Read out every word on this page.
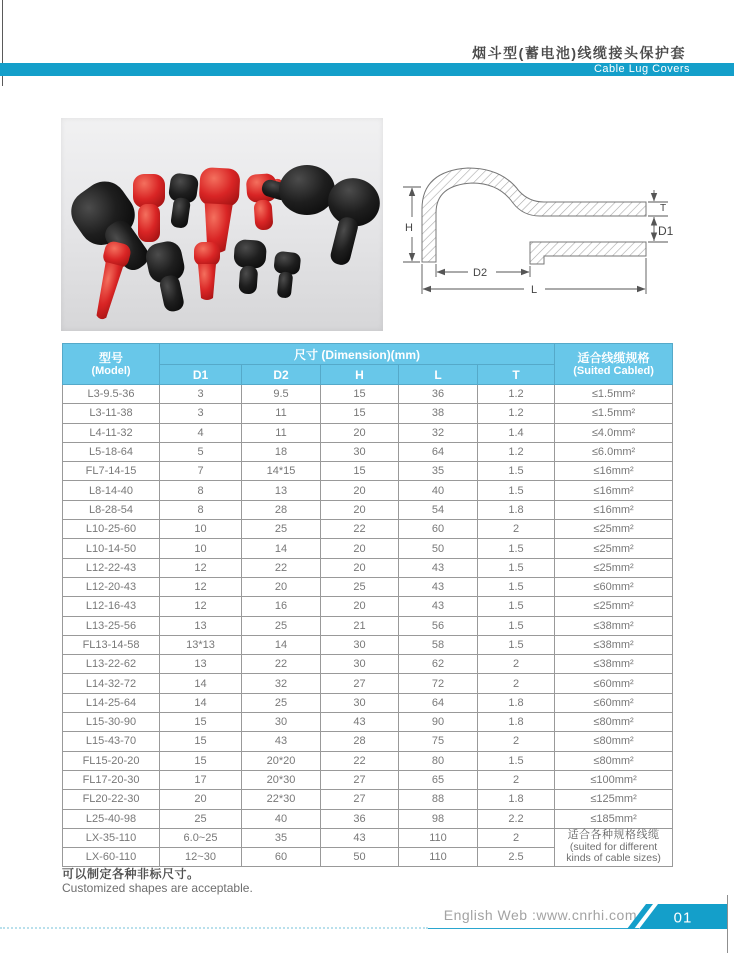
烟斗型(蓄电池)线缆接头保护套
Cable Lug Covers
H
T
D1
D2
L
型号
(Model)
	尺寸 (Dimension)(mm)	适合线缆规格
(Suited Cabled)

	D1	D2	H	L	T	
L3-9.5-36	3	9.5	15	36	1.2	≤1.5mm²
L3-11-38	3	11	15	38	1.2	≤1.5mm²
L4-11-32	4	11	20	32	1.4	≤4.0mm²
L5-18-64	5	18	30	64	1.2	≤6.0mm²
FL7-14-15	7	14*15	15	35	1.5	≤16mm²
L8-14-40	8	13	20	40	1.5	≤16mm²
L8-28-54	8	28	20	54	1.8	≤16mm²
L10-25-60	10	25	22	60	2	≤25mm²
L10-14-50	10	14	20	50	1.5	≤25mm²
L12-22-43	12	22	20	43	1.5	≤25mm²
L12-20-43	12	20	25	43	1.5	≤60mm²
L12-16-43	12	16	20	43	1.5	≤25mm²
L13-25-56	13	25	21	56	1.5	≤38mm²
FL13-14-58	13*13	14	30	58	1.5	≤38mm²
L13-22-62	13	22	30	62	2	≤38mm²
L14-32-72	14	32	27	72	2	≤60mm²
L14-25-64	14	25	30	64	1.8	≤60mm²
L15-30-90	15	30	43	90	1.8	≤80mm²
L15-43-70	15	43	28	75	2	≤80mm²
FL15-20-20	15	20*20	22	80	1.5	≤80mm²
FL17-20-30	17	20*30	27	65	2	≤100mm²
FL20-22-30	20	22*30	27	88	1.8	≤125mm²
L25-40-98	25	40	36	98	2.2	≤185mm²
LX-35-110	6.0~25	35	43	110	2	适合各种规格线缆
(suited for different
kinds of cable sizes)

LX-60-110	12~30	60	50	110	2.5	
可以制定各种非标尺寸。
Customized shapes are acceptable.
English Web :www.cnrhi.com 01
